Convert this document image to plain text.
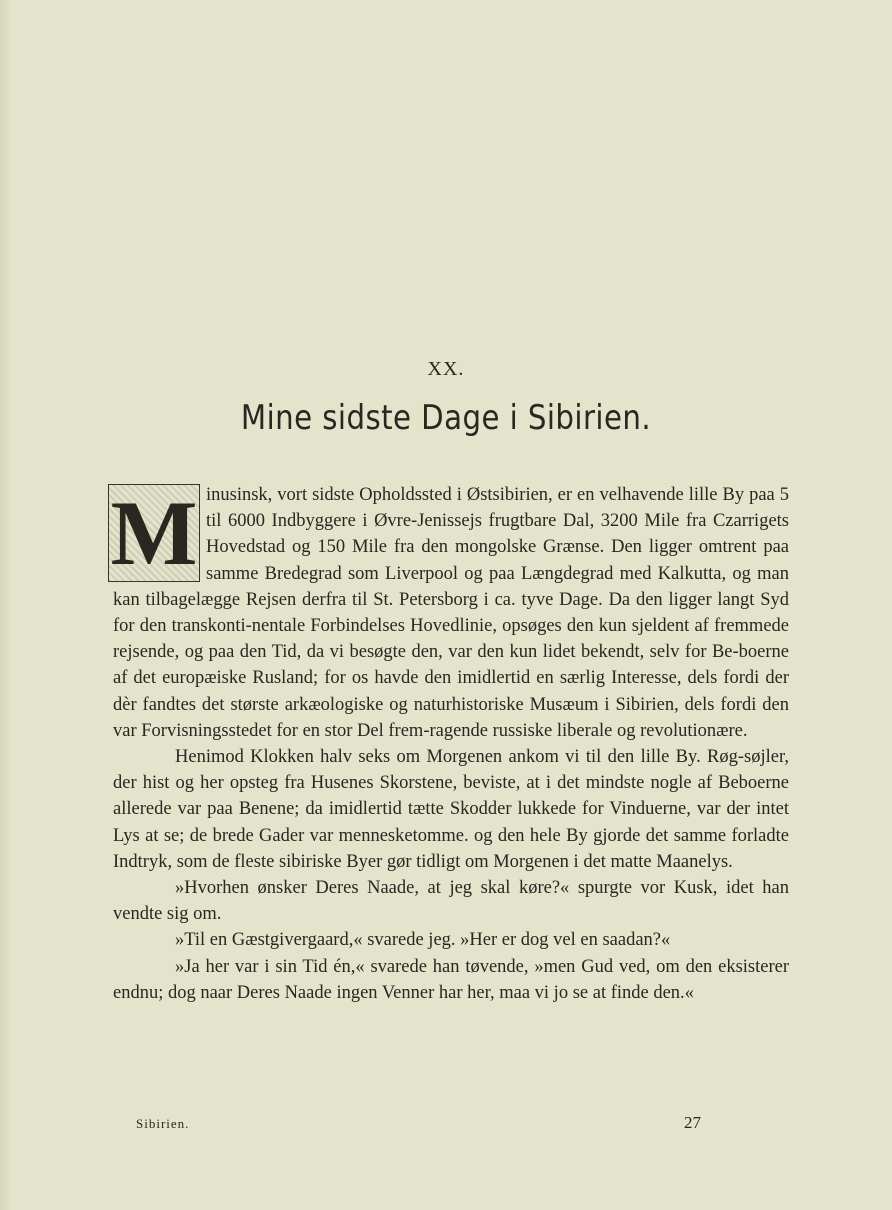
XX.
Mine sidste Dage i Sibirien.

M inusinsk, vort sidste Opholdssted i Østsibirien, er en velhavende lille By paa 5 til 6000 Indbyggere i Øvre-Jenissejs frugtbare Dal, 3200 Mile fra Czarrigets Hovedstad og 150 Mile fra den mongolske Grænse. Den ligger omtrent paa samme Bredegrad som Liverpool og paa Længdegrad med Kalkutta, og man kan tilbagelægge Rejsen derfra til St. Petersborg i ca. tyve Dage. Da den ligger langt Syd for den transkonti-nentale Forbindelses Hovedlinie, opsøges den kun sjeldent af fremmede rejsende, og paa den Tid, da vi besøgte den, var den kun lidet bekendt, selv for Be-boerne af det europæiske Rusland; for os havde den imidlertid en særlig Interesse, dels fordi der dèr fandtes det største arkæologiske og naturhistoriske Musæum i Sibirien, dels fordi den var Forvisningsstedet for en stor Del frem-ragende russiske liberale og revolutionære.

Henimod Klokken halv seks om Morgenen ankom vi til den lille By. Røg-søjler, der hist og her opsteg fra Husenes Skorstene, beviste, at i det mindste nogle af Beboerne allerede var paa Benene; da imidlertid tætte Skodder lukkede for Vinduerne, var der intet Lys at se; de brede Gader var mennesketomme. og den hele By gjorde det samme forladte Indtryk, som de fleste sibiriske Byer gør tidligt om Morgenen i det matte Maanelys.

»Hvorhen ønsker Deres Naade, at jeg skal køre?« spurgte vor Kusk, idet han vendte sig om.

»Til en Gæstgivergaard,« svarede jeg. »Her er dog vel en saadan?«

»Ja her var i sin Tid én,« svarede han tøvende, »men Gud ved, om den eksisterer endnu; dog naar Deres Naade ingen Venner har her, maa vi jo se at finde den.«

Sibirien.	27
